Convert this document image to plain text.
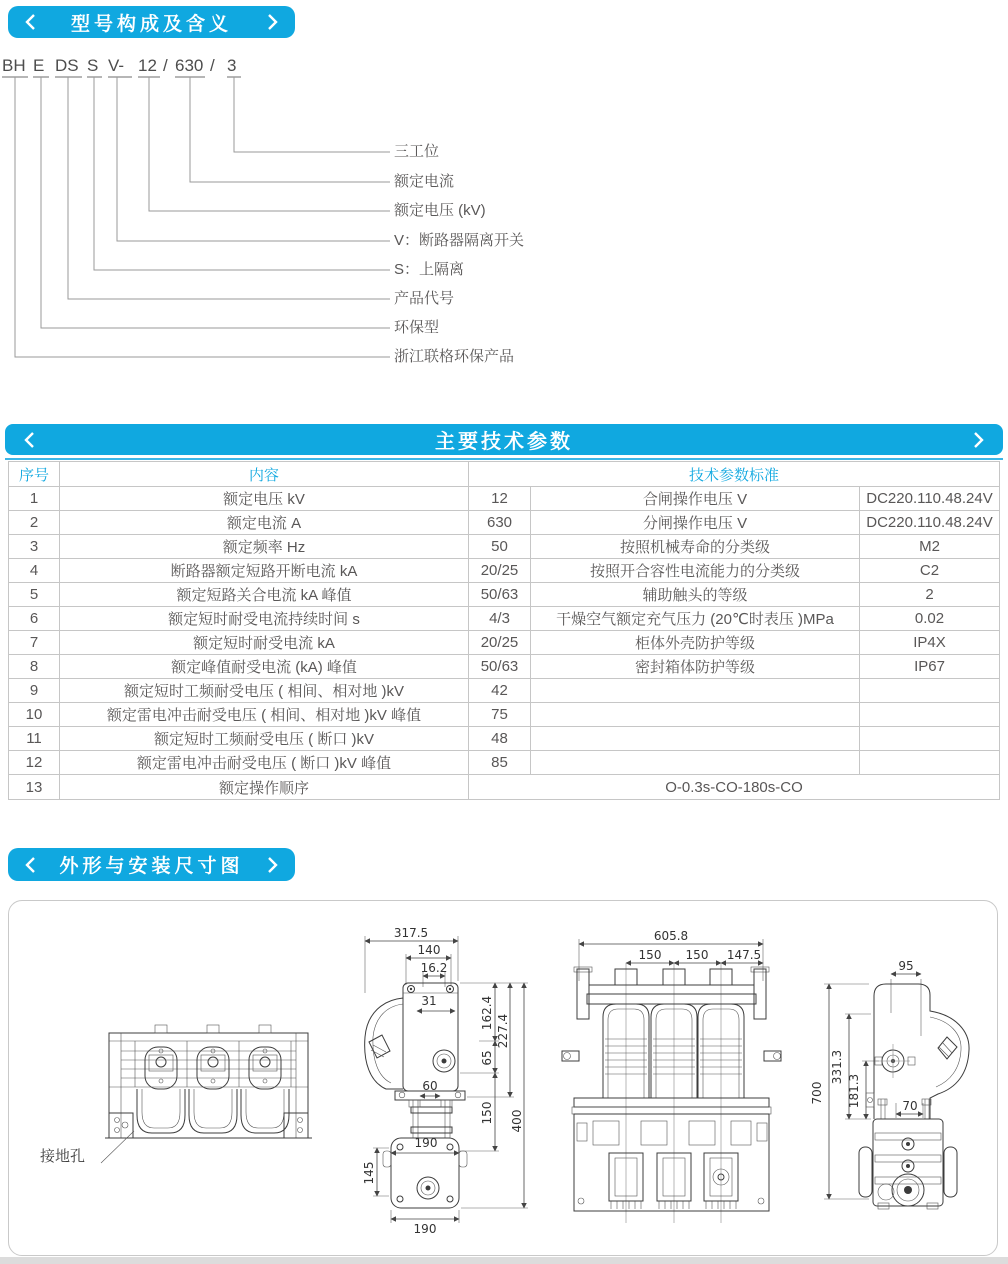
型号构成及含义
BH E DS S V- 12 / 630 / 3
三工位
额定电流
额定电压 (kV)
V：断路器隔离开关
S：上隔离
产品代号
环保型
浙江联格环保产品
主要技术参数
序号	内容	技术参数标准
1	额定电压 kV	12	合闸操作电压 V	DC220.110.48.24V
2	额定电流 A	630	分闸操作电压 V	DC220.110.48.24V
3	额定频率 Hz	50	按照机械寿命的分类级	M2
4	断路器额定短路开断电流 kA	20/25	按照开合容性电流能力的分类级	C2
5	额定短路关合电流 kA 峰值	50/63	辅助触头的等级	2
6	额定短时耐受电流持续时间 s	4/3	干燥空气额定充气压力 (20℃时表压 )MPa	0.02
7	额定短时耐受电流 kA	20/25	柜体外壳防护等级	IP4X
8	额定峰值耐受电流 (kA) 峰值	50/63	密封箱体防护等级	IP67
9	额定短时工频耐受电压 ( 相间、相对地 )kV	42
10	额定雷电冲击耐受电压 ( 相间、相对地 )kV 峰值	75
11	额定短时工频耐受电压 ( 断口 )kV	48
12	额定雷电冲击耐受电压 ( 断口 )kV 峰值	85
13	额定操作顺序	O-0.3s-CO-180s-CO
外形与安装尺寸图
317.5
140
16.2
31	162.4
65
150
227.4
400
60
190
145
190
605.8
150 150 147.5
95
700
331.3
181.3	70
接地孔
